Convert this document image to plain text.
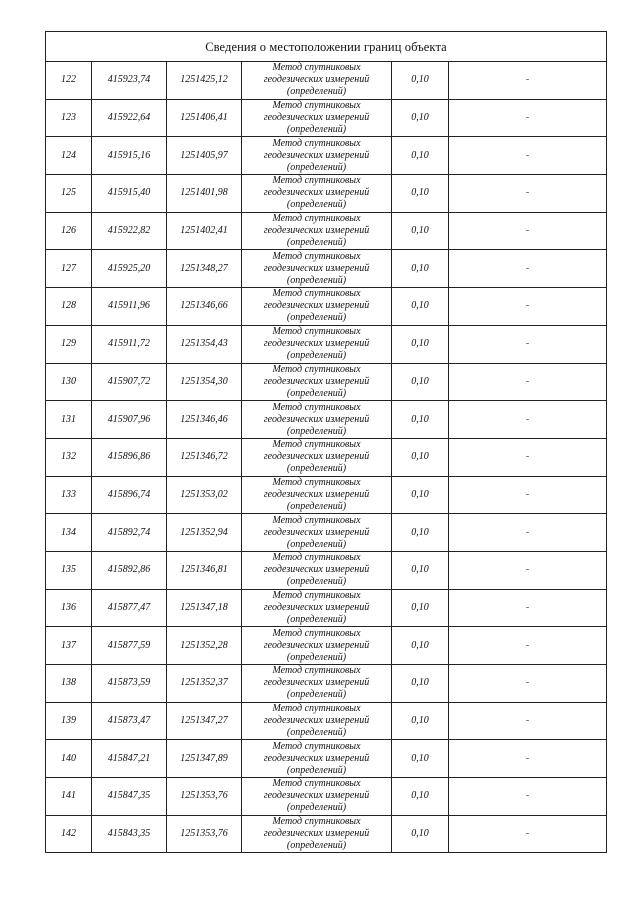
Сведения о местоположении границ объекта					
122	415923,74	1251425,12	Метод спутниковых
геодезических измерений
(определений)	0,10	-
123	415922,64	1251406,41	Метод спутниковых
геодезических измерений
(определений)	0,10	-
124	415915,16	1251405,97	Метод спутниковых
геодезических измерений
(определений)	0,10	-
125	415915,40	1251401,98	Метод спутниковых
геодезических измерений
(определений)	0,10	-
126	415922,82	1251402,41	Метод спутниковых
геодезических измерений
(определений)	0,10	-
127	415925,20	1251348,27	Метод спутниковых
геодезических измерений
(определений)	0,10	-
128	415911,96	1251346,66	Метод спутниковых
геодезических измерений
(определений)	0,10	-
129	415911,72	1251354,43	Метод спутниковых
геодезических измерений
(определений)	0,10	-
130	415907,72	1251354,30	Метод спутниковых
геодезических измерений
(определений)	0,10	-
131	415907,96	1251346,46	Метод спутниковых
геодезических измерений
(определений)	0,10	-
132	415896,86	1251346,72	Метод спутниковых
геодезических измерений
(определений)	0,10	-
133	415896,74	1251353,02	Метод спутниковых
геодезических измерений
(определений)	0,10	-
134	415892,74	1251352,94	Метод спутниковых
геодезических измерений
(определений)	0,10	-
135	415892,86	1251346,81	Метод спутниковых
геодезических измерений
(определений)	0,10	-
136	415877,47	1251347,18	Метод спутниковых
геодезических измерений
(определений)	0,10	-
137	415877,59	1251352,28	Метод спутниковых
геодезических измерений
(определений)	0,10	-
138	415873,59	1251352,37	Метод спутниковых
геодезических измерений
(определений)	0,10	-
139	415873,47	1251347,27	Метод спутниковых
геодезических измерений
(определений)	0,10	-
140	415847,21	1251347,89	Метод спутниковых
геодезических измерений
(определений)	0,10	-
141	415847,35	1251353,76	Метод спутниковых
геодезических измерений
(определений)	0,10	-
142	415843,35	1251353,76	Метод спутниковых
геодезических измерений
(определений)	0,10	-
